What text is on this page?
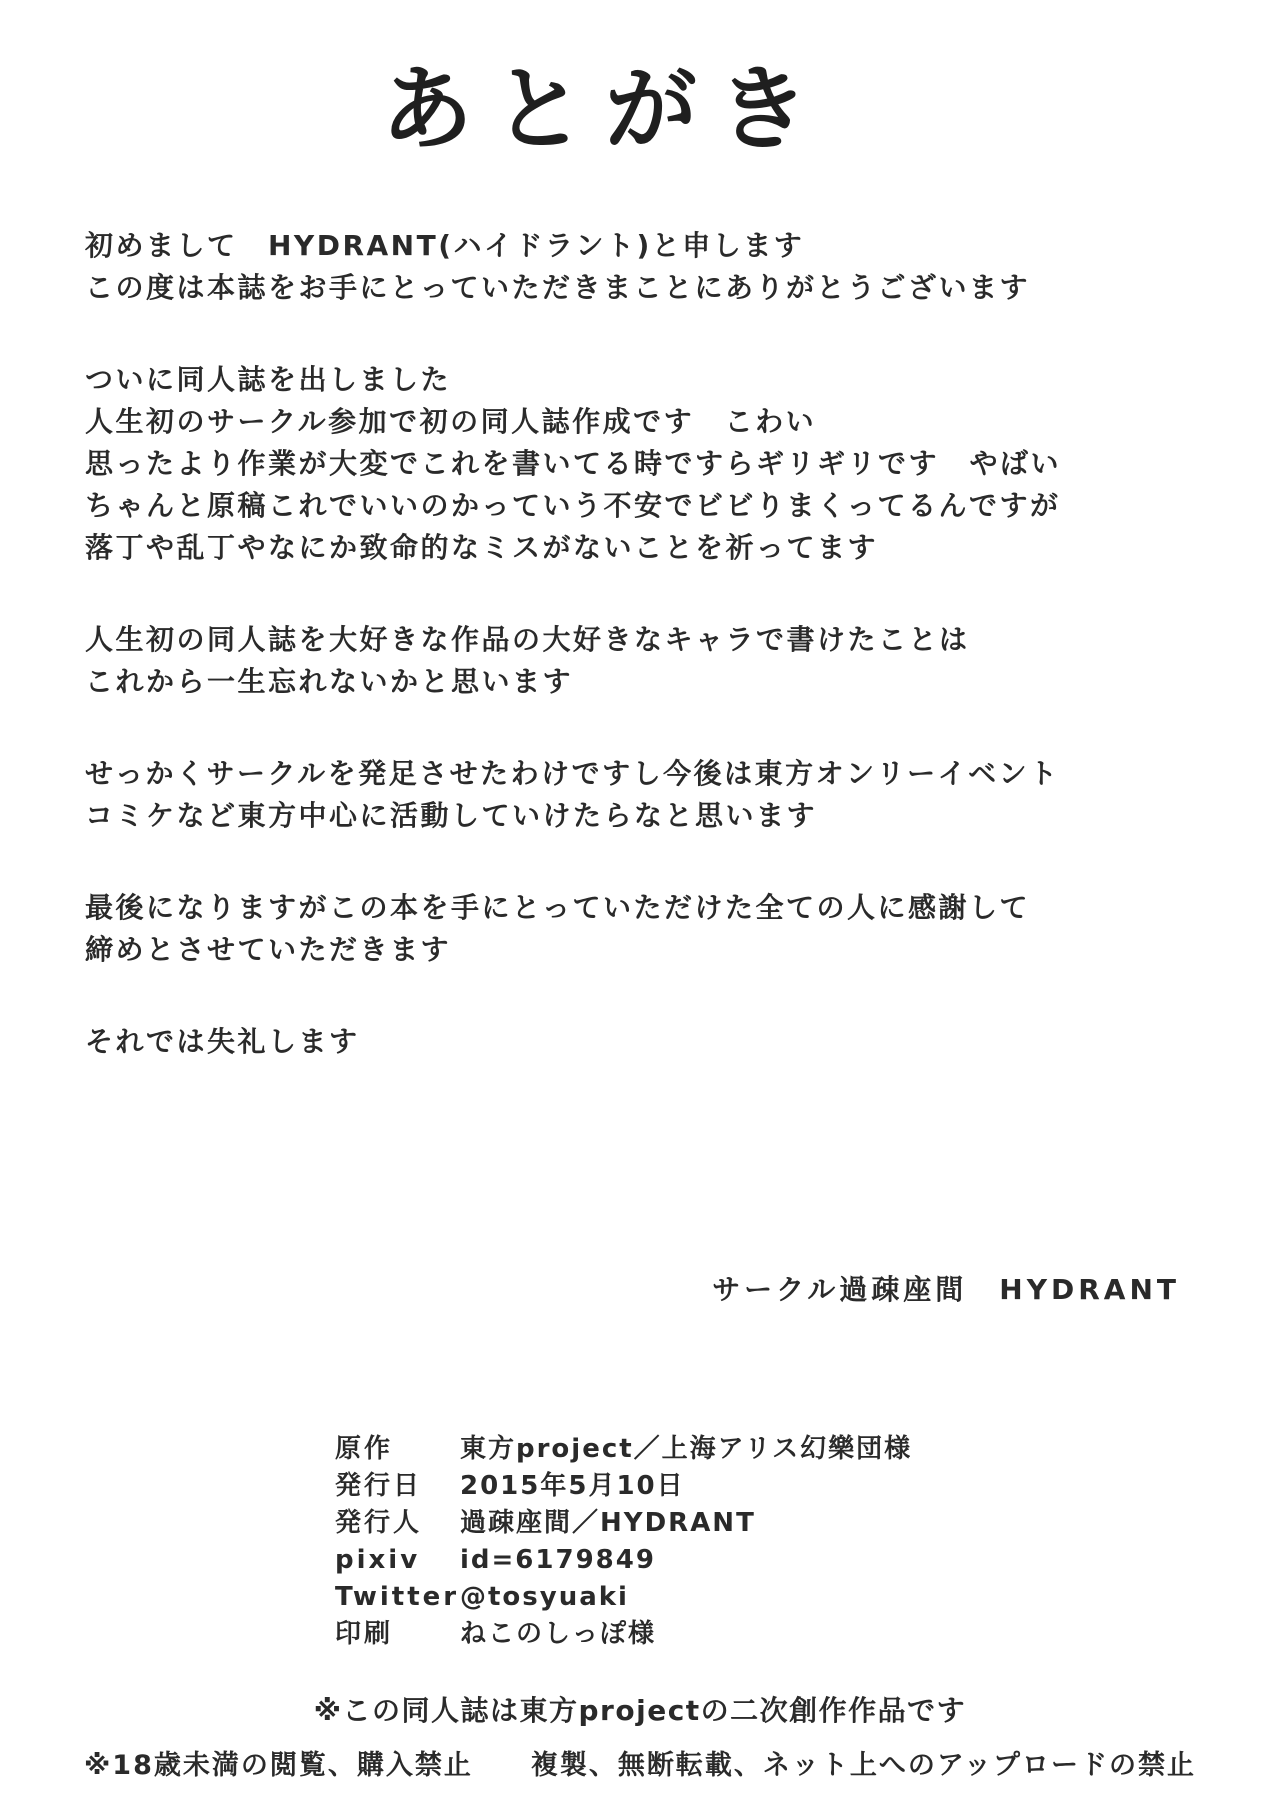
あとがき

初めまして　HYDRANT(ハイドラント)と申します
この度は本誌をお手にとっていただきまことにありがとうございます

ついに同人誌を出しました
人生初のサークル参加で初の同人誌作成です　こわい
思ったより作業が大変でこれを書いてる時ですらギリギリです　やばい
ちゃんと原稿これでいいのかっていう不安でビビりまくってるんですが
落丁や乱丁やなにか致命的なミスがないことを祈ってます

人生初の同人誌を大好きな作品の大好きなキャラで書けたことは
これから一生忘れないかと思います

せっかくサークルを発足させたわけですし今後は東方オンリーイベント
コミケなど東方中心に活動していけたらなと思います

最後になりますがこの本を手にとっていただけた全ての人に感謝して
締めとさせていただきます

それでは失礼します

サークル過疎座間　HYDRANT
原作	東方project／上海アリス幻樂団様
発行日	2015年5月10日
発行人	過疎座間／HYDRANT
pixiv	id=6179849
Twitter @tosyuaki
印刷	ねこのしっぽ様
※この同人誌は東方projectの二次創作作品です
※18歳未満の閲覧、購入禁止 複製、無断転載、ネット上へのアップロードの禁止
